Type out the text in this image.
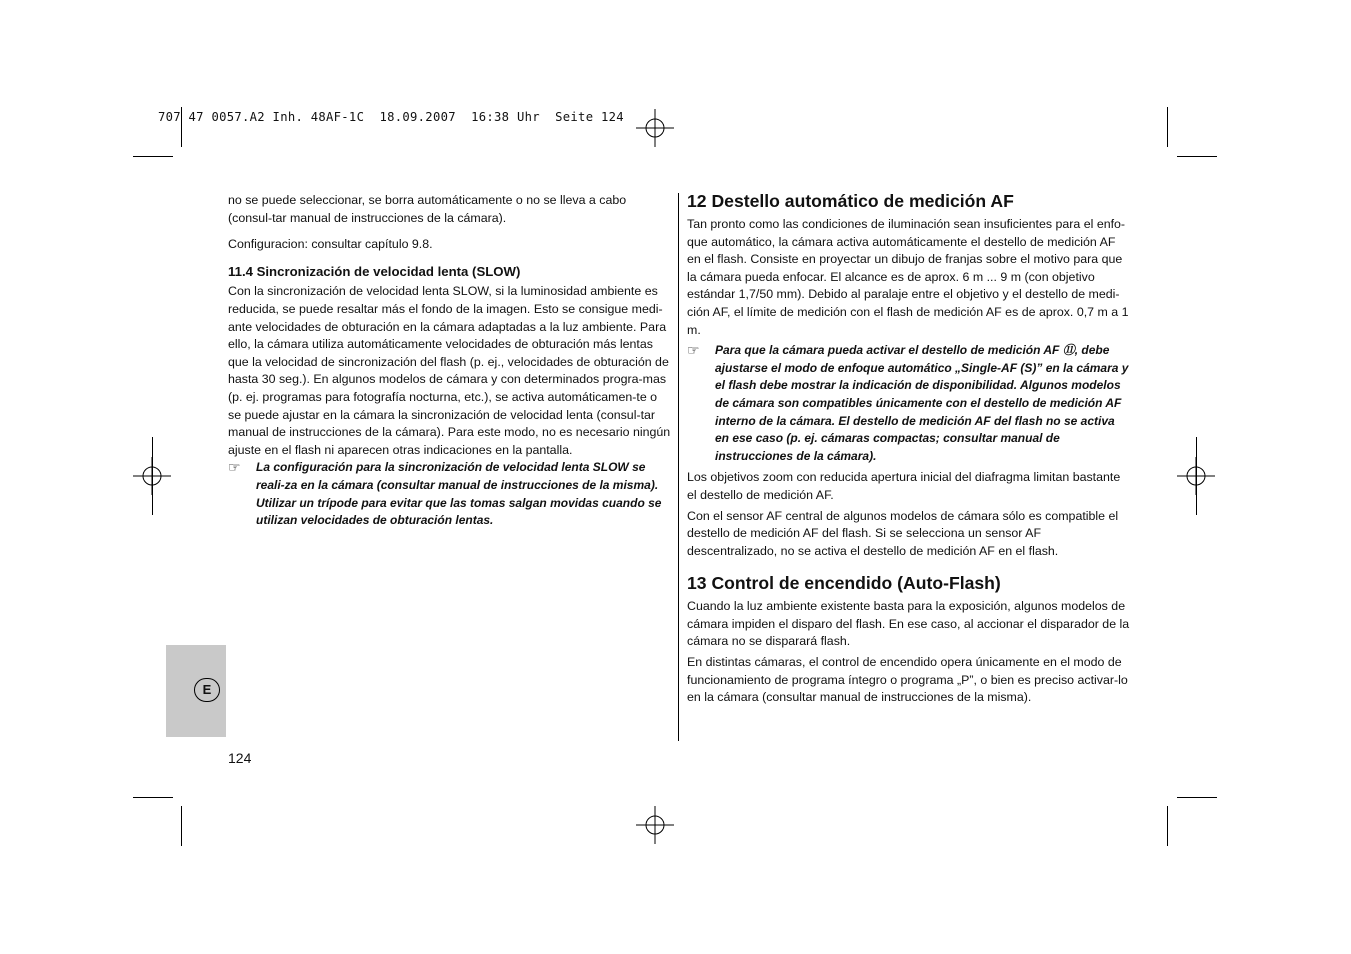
707 47 0057.A2 Inh. 48AF-1C  18.09.2007  16:38 Uhr  Seite 124

no se puede seleccionar, se borra automáticamente o no se lleva a cabo (consul-tar manual de instrucciones de la cámara).

Configuracion: consultar capítulo 9.8.

11.4 Sincronización de velocidad lenta (SLOW)

Con la sincronización de velocidad lenta SLOW, si la luminosidad ambiente es reducida, se puede resaltar más el fondo de la imagen. Esto se consigue medi-ante velocidades de obturación en la cámara adaptadas a la luz ambiente. Para ello, la cámara utiliza automáticamente velocidades de obturación más lentas que la velocidad de sincronización del flash (p. ej., velocidades de obturación de hasta 30 seg.). En algunos modelos de cámara y con determinados progra-mas (p. ej. programas para fotografía nocturna, etc.), se activa automáticamen-te o se puede ajustar en la cámara la sincronización de velocidad lenta (consul-tar manual de instrucciones de la cámara). Para este modo, no es necesario ningún ajuste en el flash ni aparecen otras indicaciones en la pantalla.

☞ La configuración para la sincronización de velocidad lenta SLOW se reali-za en la cámara (consultar manual de instrucciones de la misma). Utilizar un trípode para evitar que las tomas salgan movidas cuando se utilizan velocidades de obturación lentas.

12 Destello automático de medición AF

Tan pronto como las condiciones de iluminación sean insuficientes para el enfo-que automático, la cámara activa automáticamente el destello de medición AF en el flash. Consiste en proyectar un dibujo de franjas sobre el motivo para que la cámara pueda enfocar. El alcance es de aprox. 6 m ... 9 m (con objetivo estándar 1,7/50 mm). Debido al paralaje entre el objetivo y el destello de medi-ción AF, el límite de medición con el flash de medición AF es de aprox. 0,7 m a 1 m.

☞ Para que la cámara pueda activar el destello de medición AF ⑪, debe ajustarse el modo de enfoque automático „Single-AF (S)” en la cámara y el flash debe mostrar la indicación de disponibilidad. Algunos modelos de cámara son compatibles únicamente con el destello de medición AF interno de la cámara. El destello de medición AF del flash no se activa en ese caso (p. ej. cámaras compactas; consultar manual de instrucciones de la cámara).

Los objetivos zoom con reducida apertura inicial del diafragma limitan bastante el destello de medición AF.

Con el sensor AF central de algunos modelos de cámara sólo es compatible el destello de medición AF del flash. Si se selecciona un sensor AF descentralizado, no se activa el destello de medición AF en el flash.

13 Control de encendido (Auto-Flash)

Cuando la luz ambiente existente basta para la exposición, algunos modelos de cámara impiden el disparo del flash. En ese caso, al accionar el disparador de la cámara no se disparará flash.

En distintas cámaras, el control de encendido opera únicamente en el modo de funcionamiento de programa íntegro o programa „P”, o bien es preciso activar-lo en la cámara (consultar manual de instrucciones de la misma).

E
124
